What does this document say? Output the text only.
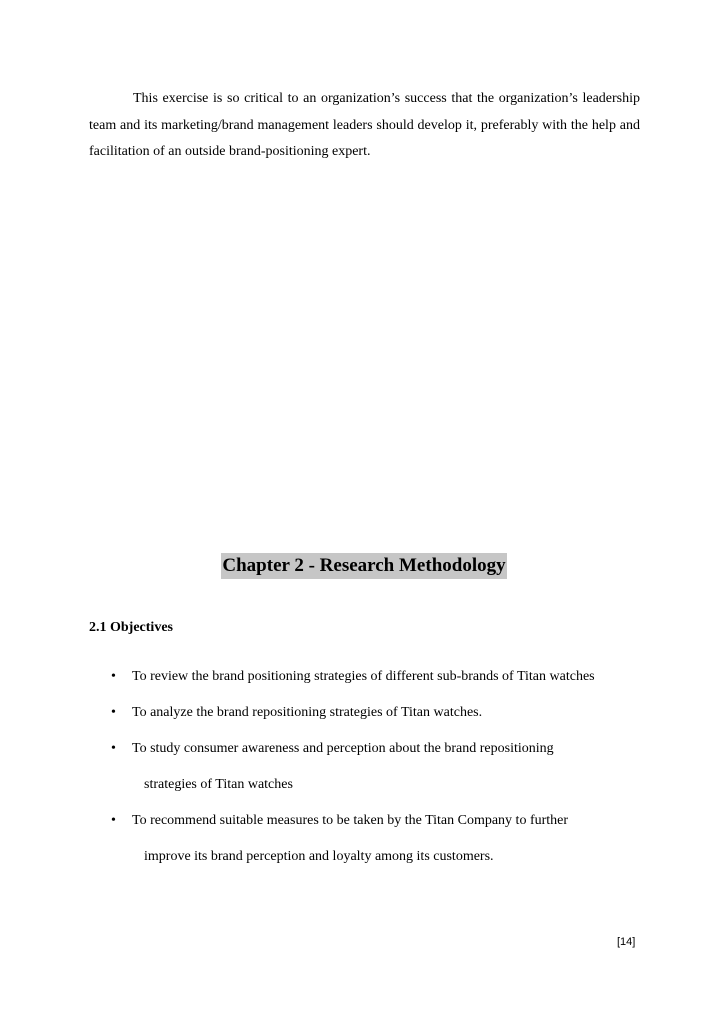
This exercise is so critical to an organization’s success that the organization’s leadership team and its marketing/brand management leaders should develop it, preferably with the help and facilitation of an outside brand-positioning expert.

Chapter 2 - Research Methodology
2.1 Objectives
• To review the brand positioning strategies of different sub-brands of Titan watches
• To analyze the brand repositioning strategies of Titan watches.
• To study consumer awareness and perception about the brand repositioning
strategies of Titan watches
• To recommend suitable measures to be taken by the Titan Company to further
improve its brand perception and loyalty among its customers.

[14]
